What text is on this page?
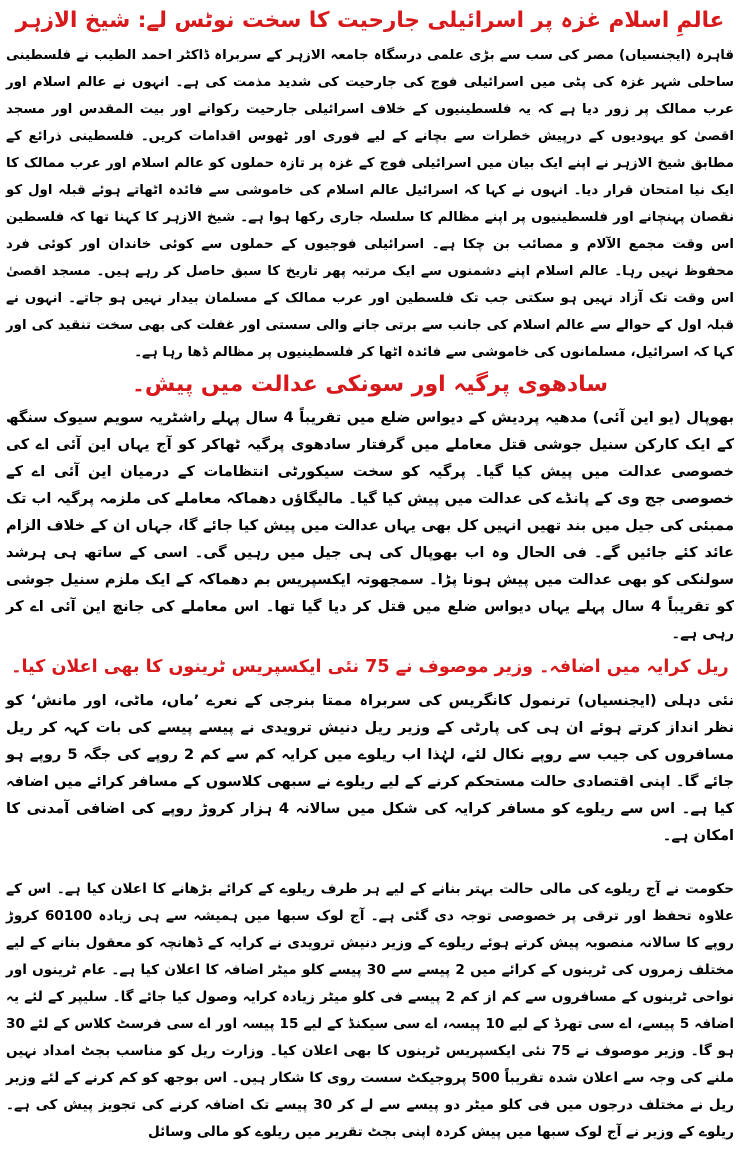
عالمِ اسلام غزہ پر اسرائیلی جارحیت کا سخت نوٹس لے: شیخ الازہر

قاہرہ (ایجنسیاں) مصر کی سب سے بڑی علمی درسگاہ جامعہ الازہر کے سربراہ ڈاکٹر احمد الطیب نے فلسطینی ساحلی شہر غزہ کی پٹی میں اسرائیلی فوج کی جارحیت کی شدید مذمت کی ہے۔ انہوں نے عالم اسلام اور عرب ممالک پر زور دیا ہے کہ یہ فلسطینیوں کے خلاف اسرائیلی جارحیت رکوانے اور بیت المقدس اور مسجد اقصیٰ کو یہودیوں کے درپیش خطرات سے بچانے کے لیے فوری اور ٹھوس اقدامات کریں۔ فلسطینی ذرائع کے مطابق شیخ الازہر نے اپنے ایک بیان میں اسرائیلی فوج کے غزہ پر تازہ حملوں کو عالم اسلام اور عرب ممالک کا ایک نیا امتحان قرار دیا۔ انہوں نے کہا کہ اسرائیل عالم اسلام کی خاموشی سے فائدہ اٹھاتے ہوئے قبلہ اول کو نقصان پہنچانے اور فلسطینیوں پر اپنے مظالم کا سلسلہ جاری رکھا ہوا ہے۔ شیخ الازہر کا کہنا تھا کہ فلسطین اس وقت مجمع الآلام و مصائب بن چکا ہے۔ اسرائیلی فوجیوں کے حملوں سے کوئی خاندان اور کوئی فرد محفوظ نہیں رہا۔ عالم اسلام اپنے دشمنوں سے ایک مرتبہ پھر تاریخ کا سبق حاصل کر رہے ہیں۔ مسجد اقصیٰ اس وقت تک آزاد نہیں ہو سکتی جب تک فلسطین اور عرب ممالک کے مسلمان بیدار نہیں ہو جاتے۔ انہوں نے قبلہ اول کے حوالے سے عالم اسلام کی جانب سے برتی جانے والی سستی اور غفلت کی بھی سخت تنقید کی اور کہا کہ اسرائیل، مسلمانوں کی خاموشی سے فائدہ اٹھا کر فلسطینیوں پر مظالم ڈھا رہا ہے۔

سادھوی پرگیہ اور سونکی عدالت میں پیش۔

بھوپال (یو این آئی) مدھیہ پردیش کے دیواس ضلع میں تقریباً 4 سال پہلے راشٹریہ سویم سیوک سنگھ کے ایک کارکن سنیل جوشی قتل معاملے میں گرفتار سادھوی پرگیہ ٹھاکر کو آج یہاں این آئی اے کی خصوصی عدالت میں پیش کیا گیا۔ پرگیہ کو سخت سیکورٹی انتظامات کے درمیان این آئی اے کے خصوصی جج وی کے پانڈے کی عدالت میں پیش کیا گیا۔ مالیگاؤں دھماکہ معاملے کی ملزمہ پرگیہ اب تک ممبئی کی جیل میں بند تھیں انہیں کل بھی یہاں عدالت میں پیش کیا جائے گا، جہاں ان کے خلاف الزام عائد کئے جائیں گے۔ فی الحال وہ اب بھوپال کی ہی جیل میں رہیں گی۔ اسی کے ساتھ ہی ہرشد سولنکی کو بھی عدالت میں پیش ہونا پڑا۔ سمجھوتہ ایکسپریس بم دھماکہ کے ایک ملزم سنیل جوشی کو تقریباً 4 سال پہلے یہاں دیواس ضلع میں قتل کر دیا گیا تھا۔ اس معاملے کی جانچ این آئی اے کر رہی ہے۔

ریل کرایہ میں اضافہ۔ وزیر موصوف نے 75 نئی ایکسپریس ٹرینوں کا بھی اعلان کیا۔

نئی دہلی (ایجنسیاں) ترنمول کانگریس کی سربراہ ممتا بنرجی کے نعرے ’ماں، ماٹی، اور مانش‘ کو نظر انداز کرتے ہوئے ان ہی کی پارٹی کے وزیر ریل دنیش ترویدی نے پیسے پیسے کی بات کہہ کر ریل مسافروں کی جیب سے روپے نکال لئے، لہٰذا اب ریلوے میں کرایہ کم سے کم 2 روپے کی جگہ 5 روپے ہو جائے گا۔ اپنی اقتصادی حالت مستحکم کرنے کے لیے ریلوے نے سبھی کلاسوں کے مسافر کرائے میں اضافہ کیا ہے۔ اس سے ریلوے کو مسافر کرایہ کی شکل میں سالانہ 4 ہزار کروڑ روپے کی اضافی آمدنی کا امکان ہے۔

حکومت نے آج ریلوے کی مالی حالت بہتر بنانے کے لیے ہر طرف ریلوے کے کرائے بڑھانے کا اعلان کیا ہے۔ اس کے علاوہ تحفظ اور ترقی پر خصوصی توجہ دی گئی ہے۔ آج لوک سبھا میں ہمیشہ سے ہی زیادہ 60100 کروڑ روپے کا سالانہ منصوبہ پیش کرتے ہوئے ریلوے کے وزیر دنیش ترویدی نے کرایہ کے ڈھانچہ کو معقول بنانے کے لیے مختلف زمروں کی ٹرینوں کے کرائے میں 2 پیسے سے 30 پیسے کلو میٹر اضافہ کا اعلان کیا ہے۔ عام ٹرینوں اور نواحی ٹرینوں کے مسافروں سے کم از کم 2 پیسے فی کلو میٹر زیادہ کرایہ وصول کیا جائے گا۔ سلیپر کے لئے یہ اضافہ 5 پیسے، اے سی تھرڈ کے لیے 10 پیسہ، اے سی سیکنڈ کے لیے 15 پیسہ اور اے سی فرسٹ کلاس کے لئے 30 ہو گا۔ وزیر موصوف نے 75 نئی ایکسپریس ٹرینوں کا بھی اعلان کیا۔ وزارت ریل کو مناسب بجٹ امداد نہیں ملنے کی وجہ سے اعلان شدہ تقریباً 500 پروجیکٹ سست روی کا شکار ہیں۔ اس بوجھ کو کم کرنے کے لئے وزیر ریل نے مختلف درجوں میں فی کلو میٹر دو پیسے سے لے کر 30 پیسے تک اضافہ کرنے کی تجویز پیش کی ہے۔ ریلوے کے وزیر نے آج لوک سبھا میں پیش کردہ اپنی بجٹ تقریر میں ریلوے کو مالی وسائل
